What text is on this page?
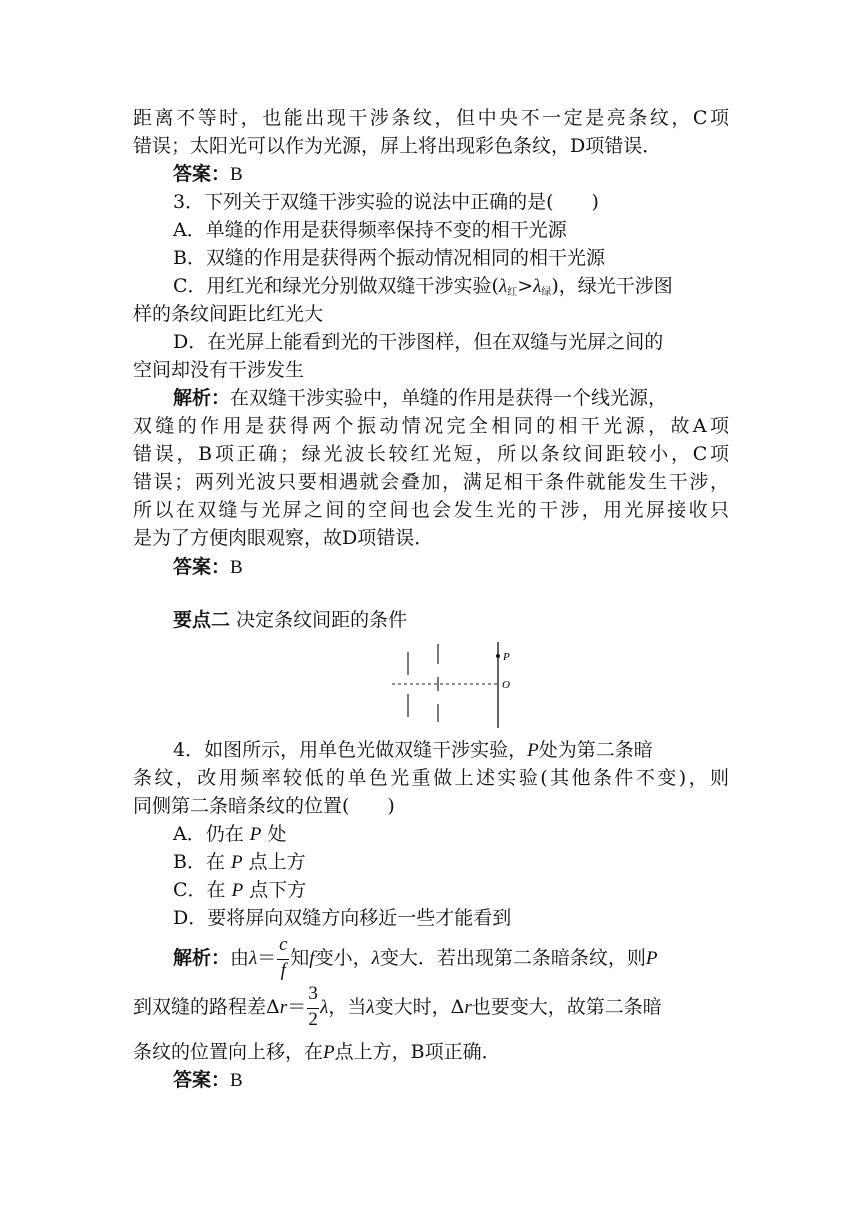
距离不等时，也能出现干涉条纹，但中央不一定是亮条纹，C项
错误；太阳光可以作为光源，屏上将出现彩色条纹，D项错误．
答案：B
3．下列关于双缝干涉实验的说法中正确的是(　　)
A．单缝的作用是获得频率保持不变的相干光源
B．双缝的作用是获得两个振动情况相同的相干光源
C．用红光和绿光分别做双缝干涉实验$(\lambda_红>\lambda_绿)$，绿光干涉图
样的条纹间距比红光大
D．在光屏上能看到光的干涉图样，但在双缝与光屏之间的
空间却没有干涉发生
解析：在双缝干涉实验中，单缝的作用是获得一个线光源，
双缝的作用是获得两个振动情况完全相同的相干光源，故A项
错误，B项正确；绿光波长较红光短，所以条纹间距较小，C项
错误；两列光波只要相遇就会叠加，满足相干条件就能发生干涉，
所以在双缝与光屏之间的空间也会发生光的干涉，用光屏接收只
是为了方便肉眼观察，故D项错误．
答案：B
要点二 决定条纹间距的条件
P
O
4．如图所示，用单色光做双缝干涉实验，P处为第二条暗
条纹，改用频率较低的单色光重做上述实验(其他条件不变)，则
同侧第二条暗条纹的位置(　　)
A．仍在 P 处
B．在 P 点上方
C．在 P 点下方
D．要将屏向双缝方向移近一些才能看到
解析：由$\lambda= \frac{c}{f}$ 知f变小，λ变大．若出现第二条暗条纹，则P
到双缝的路程差$\Delta r= \frac{3}{2}$ λ，当λ变大时，Δr也要变大，故第二条暗
条纹的位置向上移，在P点上方，B项正确．
答案：B
